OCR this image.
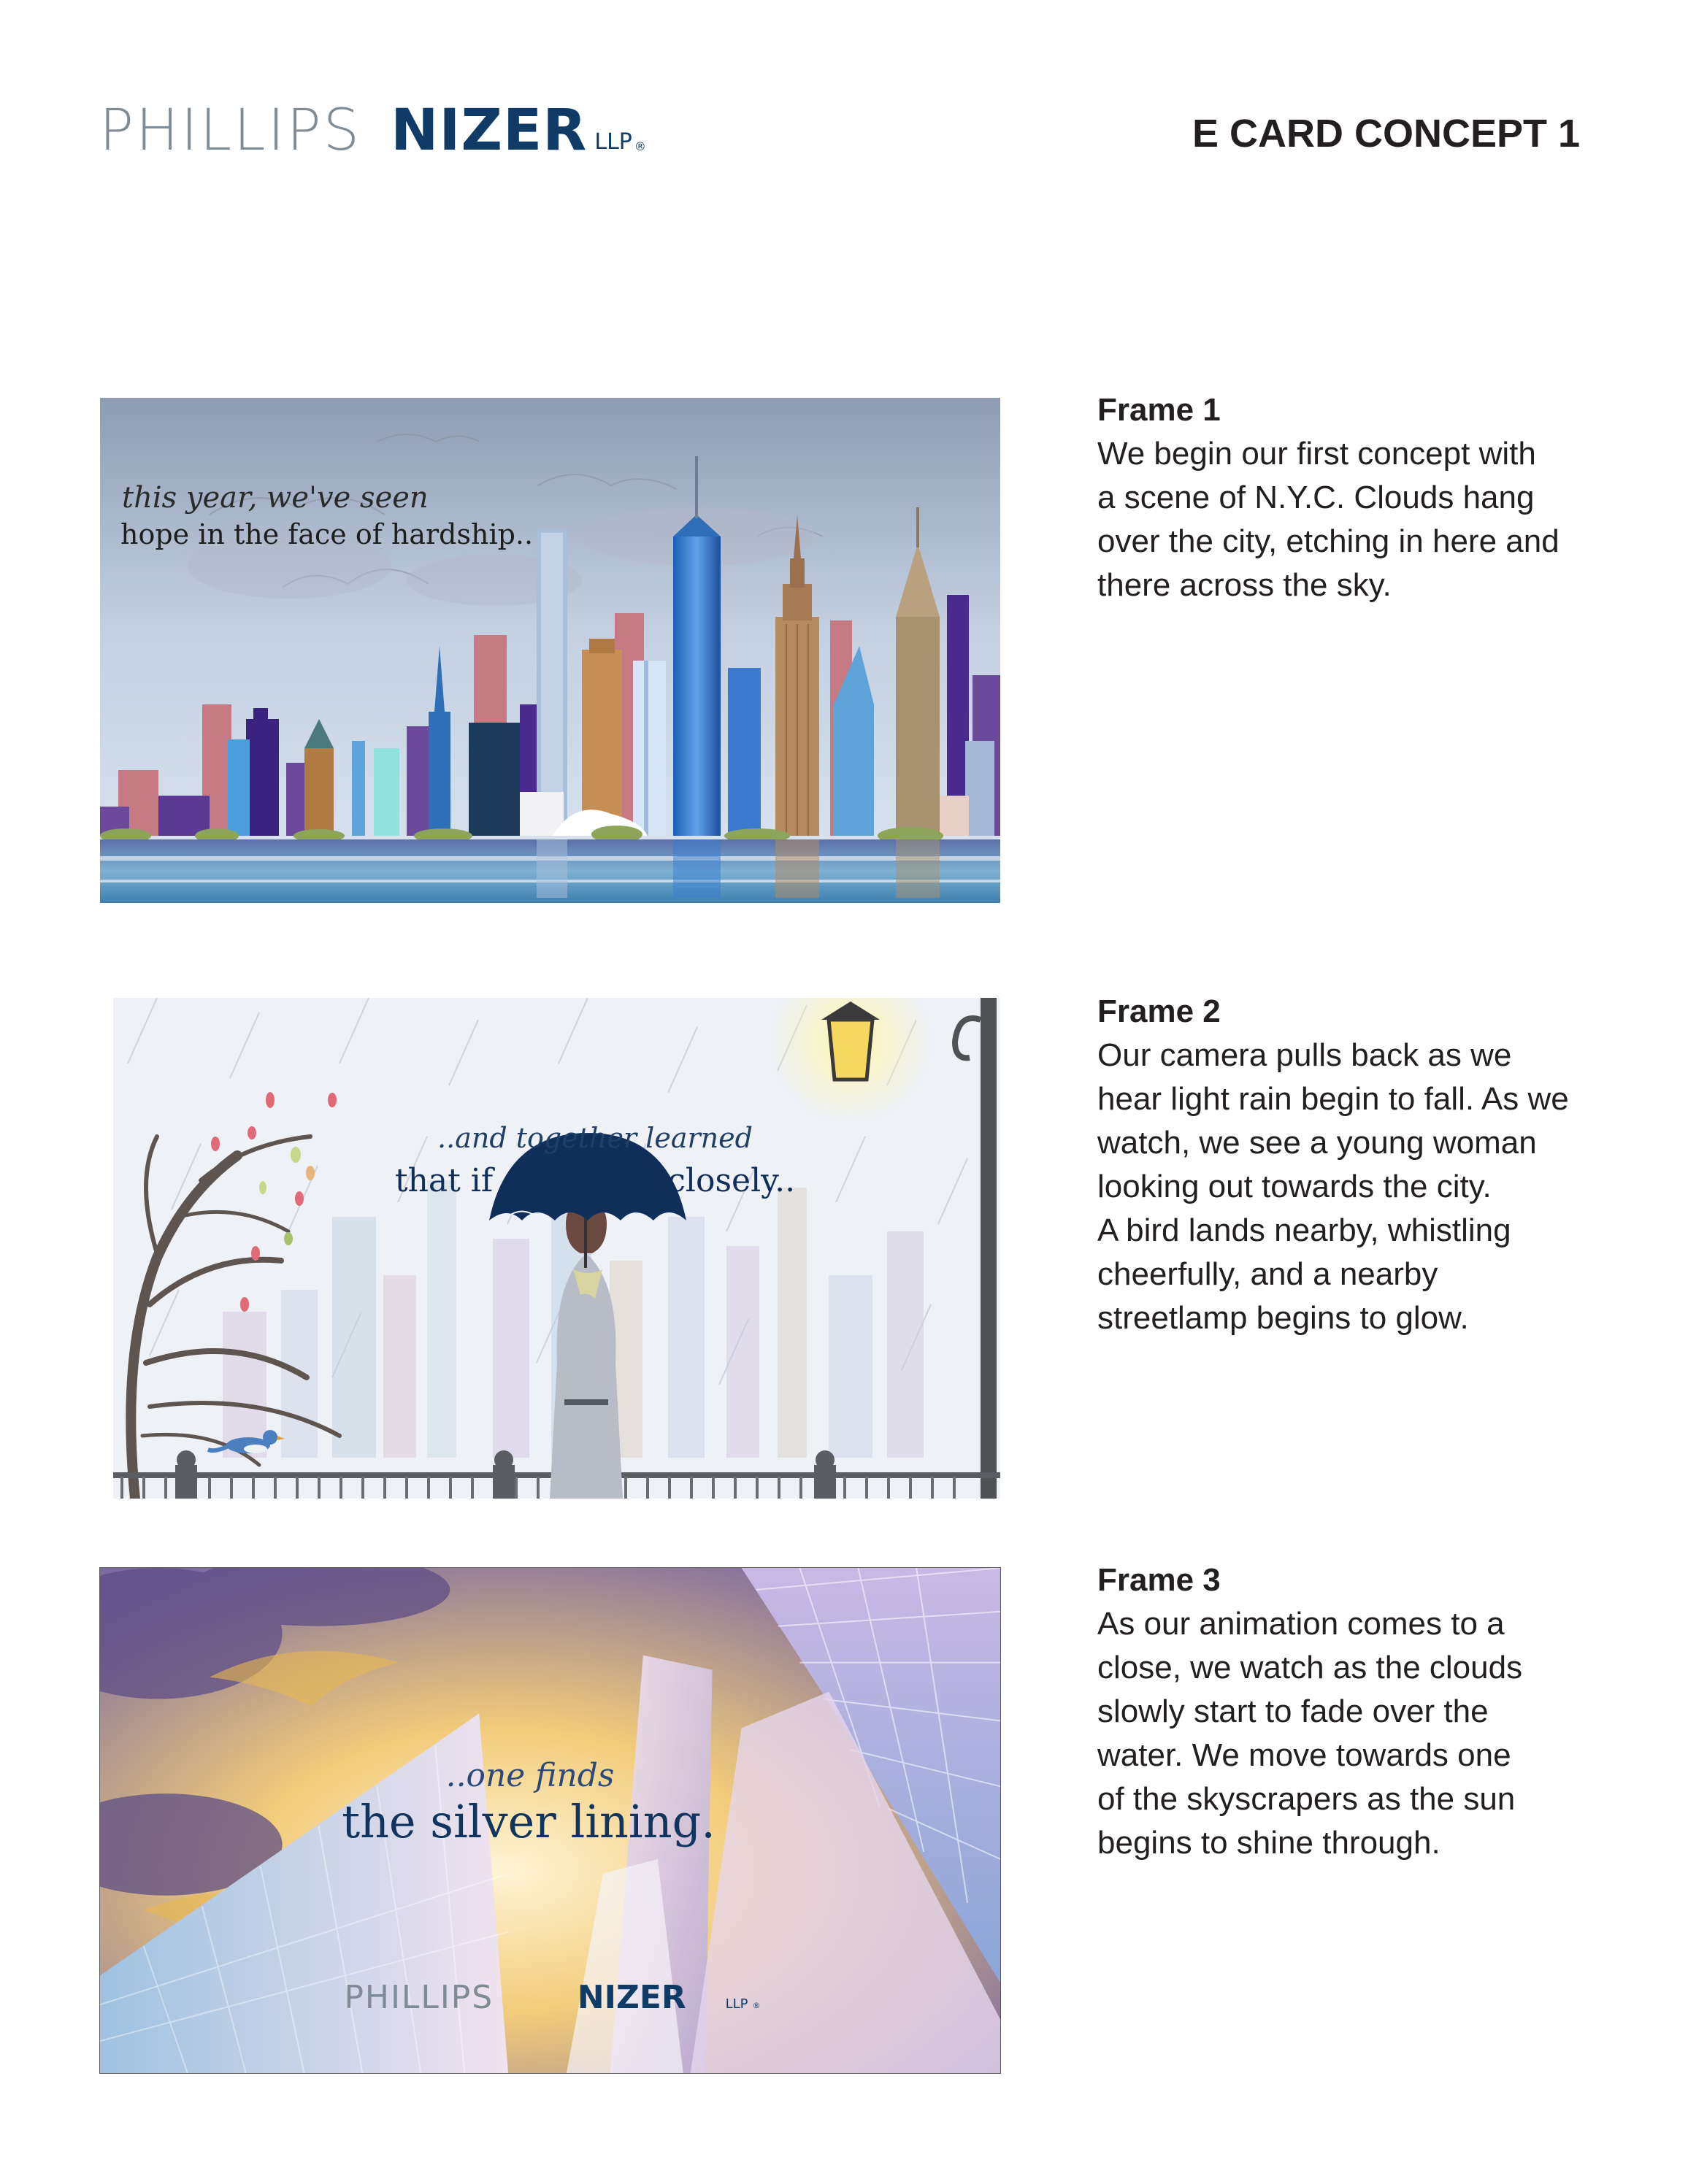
PHILLIPS NIZER LLP ®	E CARD CONCEPT 1
this year, we've seen
hope in the face of hardship..
..and together learned
that if one looks closely..
..one finds
the silver lining.
PHILLIPS	NIZER	LLP ®
Frame 1
We begin our first concept with
a scene of N.Y.C. Clouds hang
over the city, etching in here and
there across the sky.
Frame 2
Our camera pulls back as we
hear light rain begin to fall. As we
watch, we see a young woman
looking out towards the city.
A bird lands nearby, whistling
cheerfully, and a nearby
streetlamp begins to glow.
Frame 3
As our animation comes to a
close, we watch as the clouds
slowly start to fade over the
water. We move towards one
of the skyscrapers as the sun
begins to shine through.
